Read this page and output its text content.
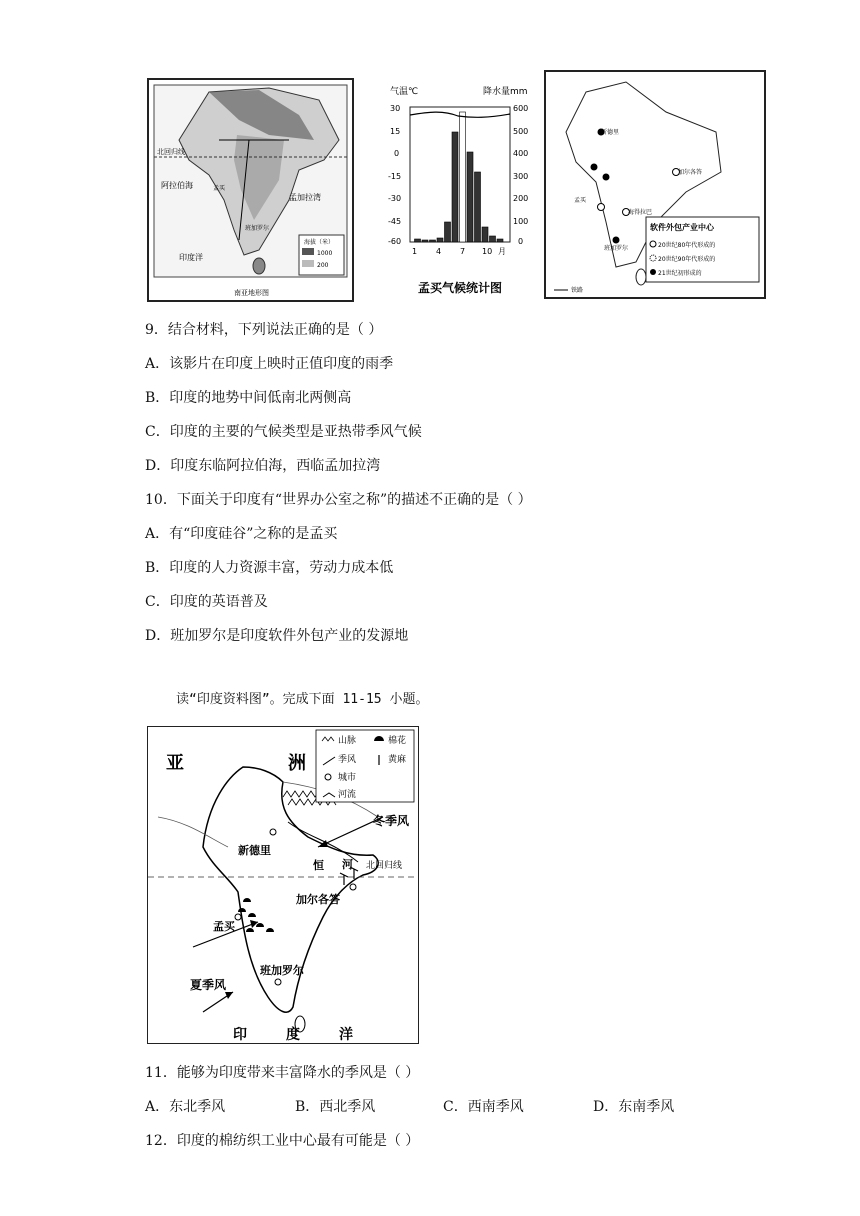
北回归线
阿拉伯海
孟加拉湾
印度洋
孟买
班加罗尔
海拔（米）
1000
200
南亚地形图
气温℃	降水量mm
30
15
0
-15
-30
-45
-60
600
500
400
300
200
100
0
1 4 7 10 月
孟买气候统计图
新德里
加尔各答
孟买
班加罗尔
海得拉巴
软件外包产业中心
20世纪80年代形成的
20世纪90年代形成的
21世纪初形成的
铁路
9．结合材料，下列说法正确的是（ ）
A．该影片在印度上映时正值印度的雨季
B．印度的地势中间低南北两侧高
C．印度的主要的气候类型是亚热带季风气候
D．印度东临阿拉伯海，西临孟加拉湾
10．下面关于印度有“世界办公室之称”的描述不正确的是（ ）
A．有“印度硅谷”之称的是孟买
B．印度的人力资源丰富，劳动力成本低
C．印度的英语普及
D．班加罗尔是印度软件外包产业的发源地
读“印度资料图”。完成下面 11-15 小题。
山脉	棉花
季风	黄麻
城市
河流
亚	洲
冬季风
新德里
恒 河 北回归线
加尔各答
孟买
班加罗尔
夏季风
印        度        洋
11．能够为印度带来丰富降水的季风是（ ）
A．东北季风	B．西北季风	C．西南季风	D．东南季风
12．印度的棉纺织工业中心最有可能是（ ）
